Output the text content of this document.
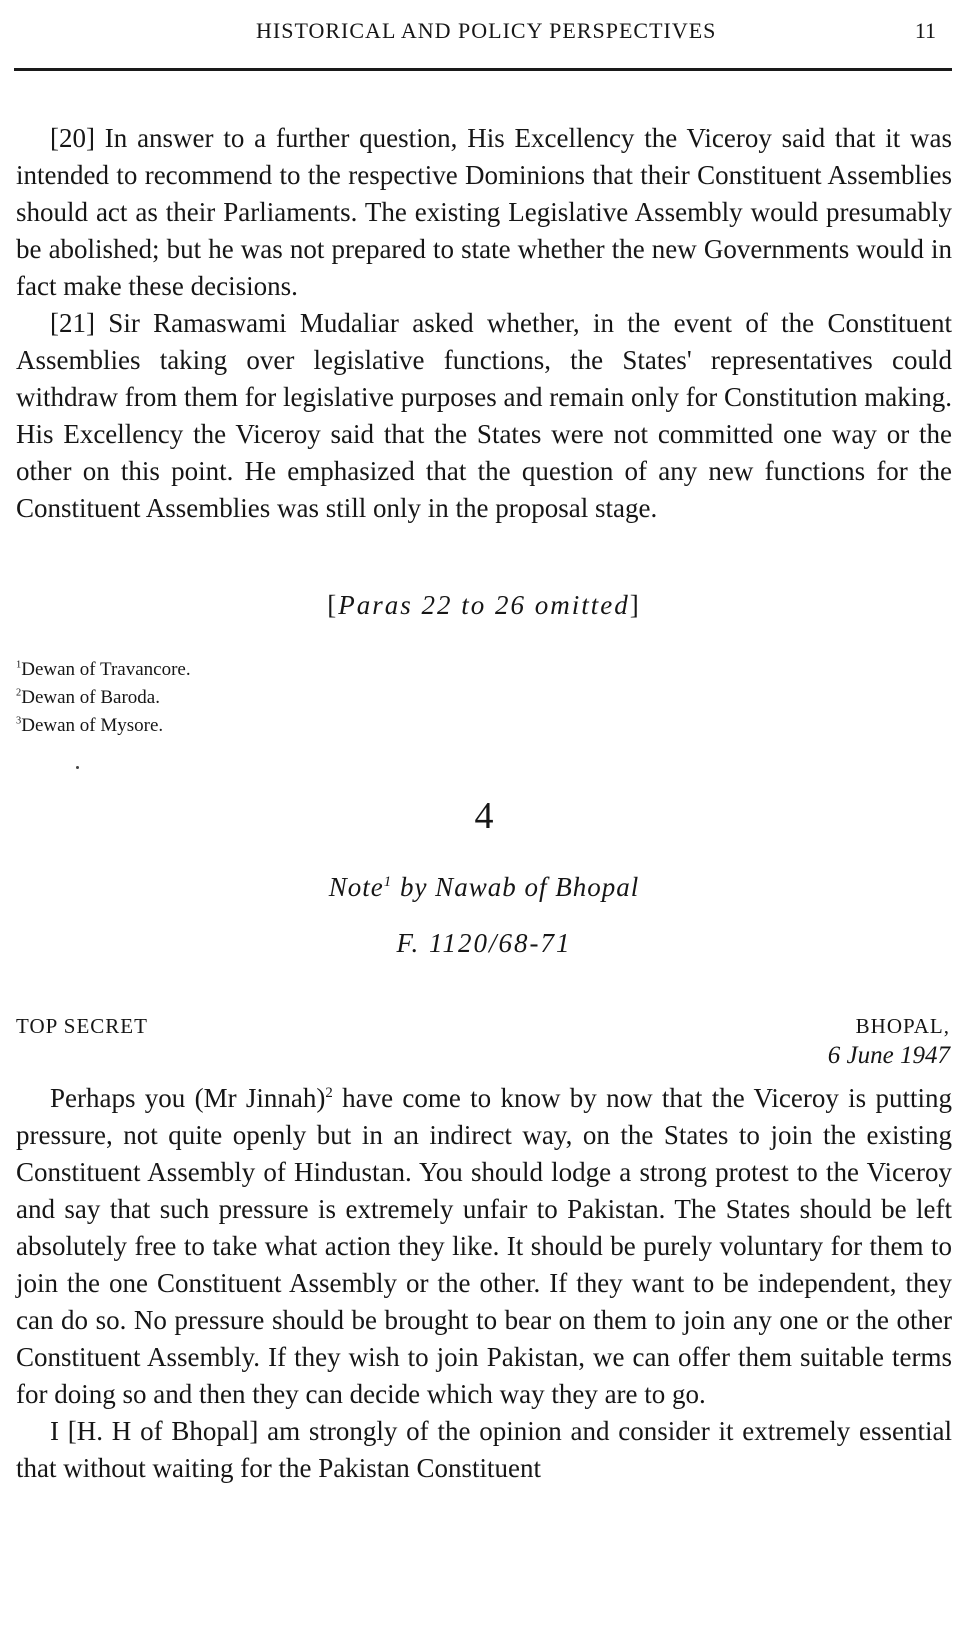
HISTORICAL AND POLICY PERSPECTIVES	11

[20] In answer to a further question, His Excellency the Viceroy said that it was intended to recommend to the respective Dominions that their Constituent Assemblies should act as their Parliaments. The existing Legislative Assembly would presumably be abolished; but he was not prepared to state whether the new Governments would in fact make these decisions.

[21] Sir Ramaswami Mudaliar asked whether, in the event of the Constituent Assemblies taking over legislative functions, the States' representatives could withdraw from them for legislative purposes and remain only for Constitution making. His Excellency the Viceroy said that the States were not committed one way or the other on this point. He emphasized that the question of any new functions for the Constituent Assemblies was still only in the proposal stage.

[Paras 22 to 26 omitted]
$^1$Dewan of Travancore.
$^2$Dewan of Baroda.
$^3$Dewan of Mysore.
4
Note$^1$ by Nawab of Bhopal
F. 1120/68-71
TOP SECRET	BHOPAL,
6 June 1947

Perhaps you (Mr Jinnah)$^2$ have come to know by now that the Viceroy is putting pressure, not quite openly but in an indirect way, on the States to join the existing Constituent Assembly of Hindustan. You should lodge a strong protest to the Viceroy and say that such pressure is extremely unfair to Pakistan. The States should be left absolutely free to take what action they like. It should be purely voluntary for them to join the one Constituent Assembly or the other. If they want to be independent, they can do so. No pressure should be brought to bear on them to join any one or the other Constituent Assembly. If they wish to join Pakistan, we can offer them suitable terms for doing so and then they can decide which way they are to go.

I [H. H of Bhopal] am strongly of the opinion and consider it extremely essential that without waiting for the Pakistan Constituent
